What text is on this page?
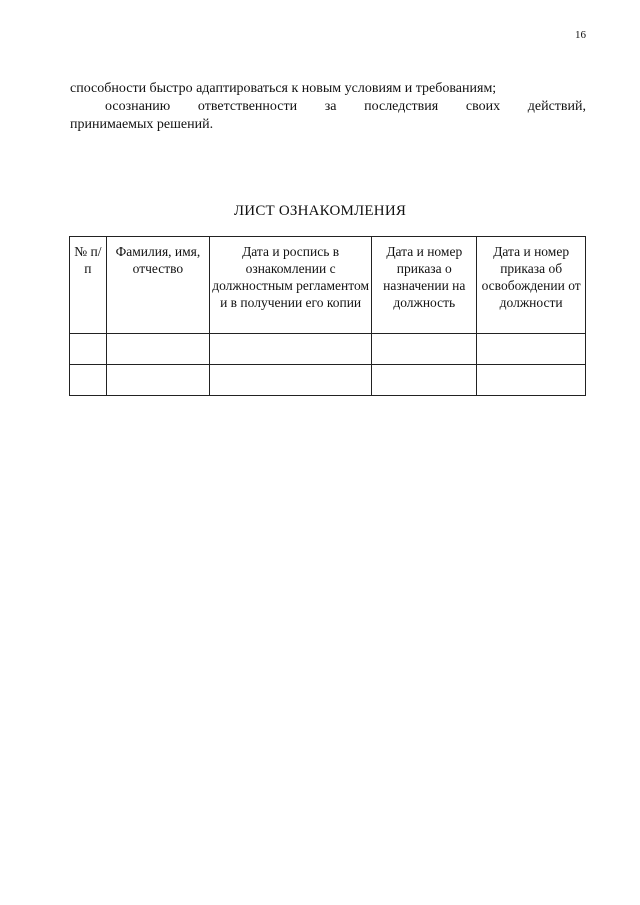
16
способности быстро адаптироваться к новым условиям и требованиям;
осознанию ответственности за последствия своих действий,
принимаемых решений.
ЛИСТ ОЗНАКОМЛЕНИЯ
№ п/п	Фамилия, имя, отчество	Дата и роспись в ознакомлении с должностным регламентом и в получении его копии	Дата и номер приказа о назначении на должность	Дата и номер приказа об освобождении от должности
